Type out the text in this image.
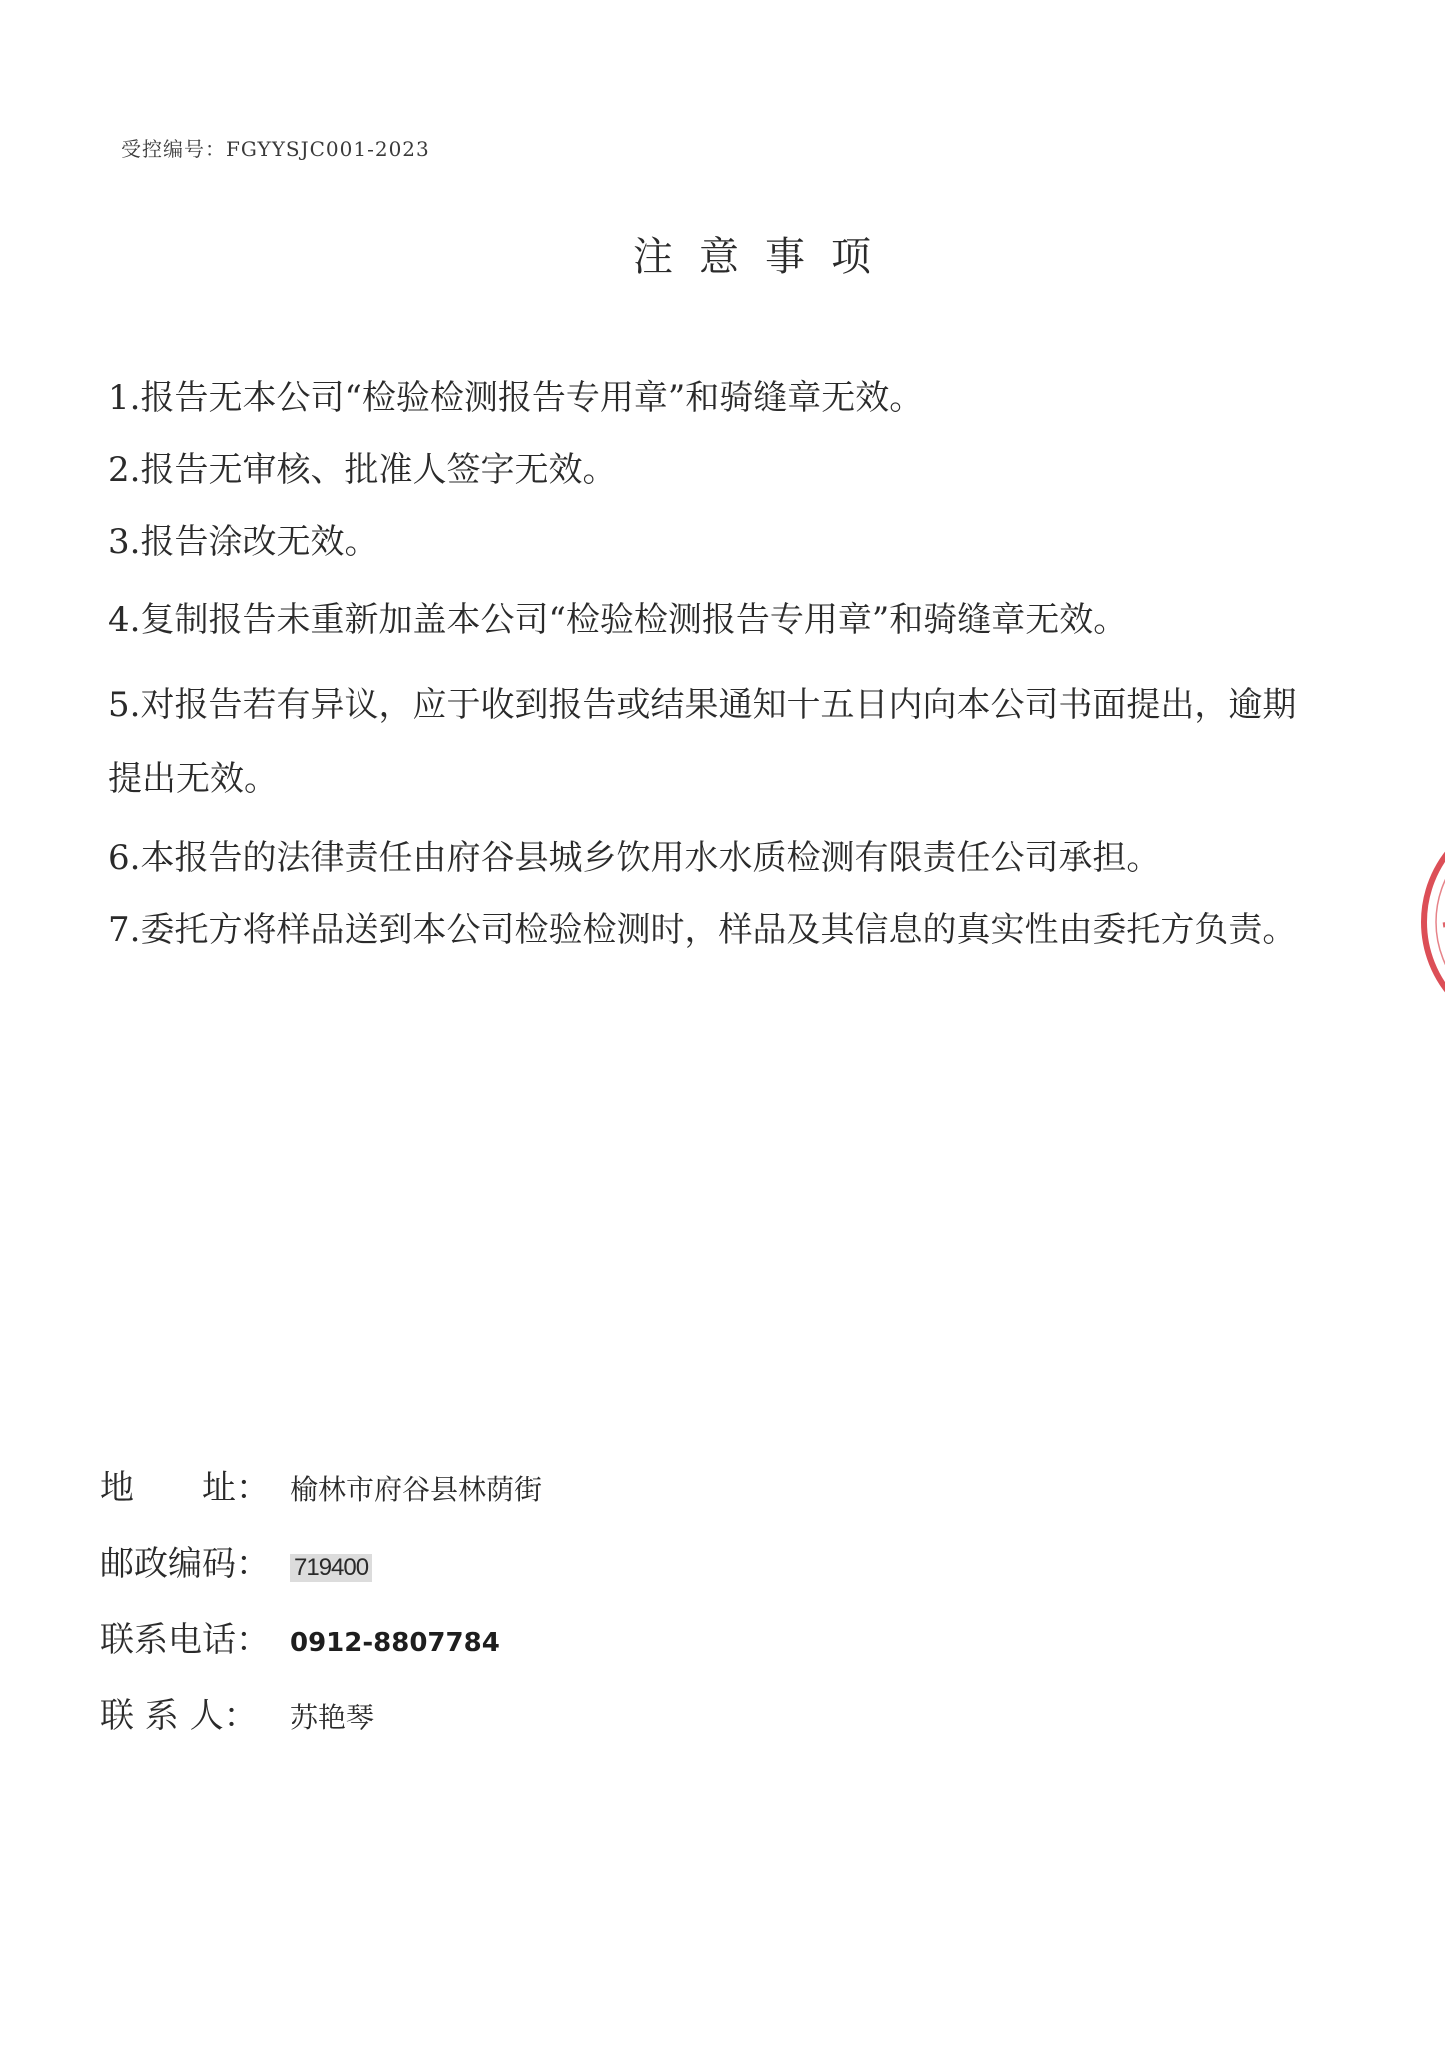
受控编号：FGYYSJC001-2023
注意事项
1.报告无本公司“检验检测报告专用章”和骑缝章无效。
2.报告无审核、批准人签字无效。
3.报告涂改无效。
4.复制报告未重新加盖本公司“检验检测报告专用章”和骑缝章无效。
5.对报告若有异议，应于收到报告或结果通知十五日内向本公司书面提出，逾期提出无效。
6.本报告的法律责任由府谷县城乡饮用水水质检测有限责任公司承担。
7.委托方将样品送到本公司检验检测时，样品及其信息的真实性由委托方负责。
地　　址： 榆林市府谷县林荫街
邮政编码：	719400
联系电话： 0912-8807784
联 系 人：	苏艳琴
